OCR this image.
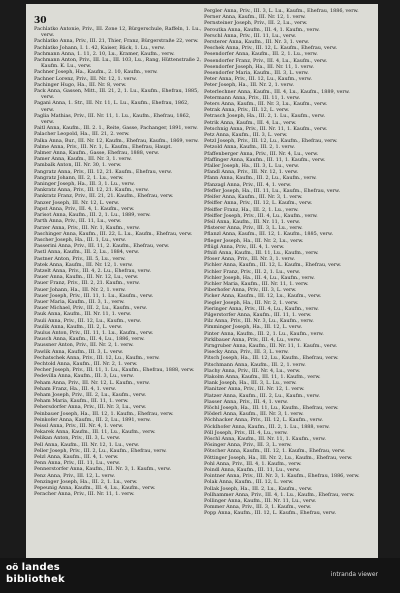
30

Pachlatko Antonie, Priv., III. Zone 12, Bürgerschule, Raffeln, 1. Lu., verw.

Pachlatko Anna, Priv., III. 21, Thier, Franz, Bürgerstraße 22, verw.

Pachlatko Johann, I. 1. 42, Kaiser, Bäck, 1. Lu., verw.

Pachmann Anna, 1. 11, 2. 10, Lu., Kramer, Kaufm., verw.

Pachmann Anton, Priv., III. Lu., III. 103, Lu., Rang, Hüttenstraße 2, Kaufm. K. Lu., verw.

Pachner Joseph, Ha., Kaufm., 2. 10, Kaufm., verw.

Pachner Lorenz, Priv., III. Nr. 12, 1. verw.

Pachinger Hugo, Ha., III. Nr. 8, verw.

Pack Anna, Gassen, Mitt., III. 21, 2, 1. Lu., Kaufm., Ehefrau, 1885, verw.

Pagani Anna, 1. Str., III. Nr. 11, L. Lu., Kaufm., Ehefrau, 1862, verw.

Paglia Mathias, Priv., III. Nr. 11, 1. Lu., Kaufm., Ehefrau, 1862, verw.

Paitl Anna, Kaufm., III. 2. 1., Reite, Gasse, Pachanger, 1891, verw.

Palacher Leopold, Ha., III. 21, 2. verw.

Palka Anna, Bur., III. Nr. 12, Kaufm., Ehefrau, Kaufm., 1869, verw.

Palme Anna, Priv., III. Nr. 1, L. Kaufm., Ehefrau, Haupt.

Palmer Anna, Kaufm., Gasse, Ehefrau, 1888, verw.

Pamer Anna, Kaufm., III. Nr. 3, 1. verw.

Pambalk Anton, III. Nr. 30, 1. verw.

Pangratz Anna, Priv., III. 12, 21. Kaufm., Ehefrau, verw.

Pangratz Johann, III. 2, 1. Lu., verw.

Paninger Joseph, Ha., III. 3, 1. Lu., verw.

Pankratz Anna, Priv., III. 12, 21. Kaufm., verw.

Pankratz Franz, Priv., III. 21, 21. Kaufm., Ehefrau, verw.

Panzer Joseph, III. Nr. 12, L. verw.

Papst Anna, Priv., III. 4, 1. Kaufm., verw.

Parisot Anna, Kaufm., III. 2, 1. Lu., 1889, verw.

Parth Anna, Priv., III. 11, Lu., verw.

Parzer Anna, Priv., III. Nr. 1, Kaufm., verw.

Paschinger Anna, Kaufm., III. 22, L. Lu., Kaufm., Ehefrau, verw.

Pascher Joseph, Ha., III. 1, Lu., verw.

Passerini Anna, Priv., III. 11, 2. Kaufm., Ehefrau, verw.

Pastl Anna, Kaufm., III. 2, Lu., 1884, verw.

Pastner Anton, Priv., III. 5, Lu., verw.

Patek Anna, Kaufm., III. Nr. 12, 1. verw.

Patzelt Anna, Priv., III. 4, 2. Lu., Ehefrau, verw.

Pauer Anna, Kaufm., III. Nr. 12, Lu., verw.

Pauer Franz, Priv., III. 2, 21. Kaufm., verw.

Pauer Johann, Ha., III. Nr. 2, 1. verw.

Pauer Joseph, Priv., III. 11, 1. Lu., Kaufm., verw.

Pauer Maria, Kaufm., III. 3, 1., verw.

Pauer Michael, Priv., III. 2, Lu., Kaufm., verw.

Pauk Anna, Kaufm., III. Nr. 11, 1. verw.

Pauli Anna, Priv., III. 12, Lu., Kaufm., verw.

Paulik Anna, Kaufm., III. 2, L. verw.

Paulus Anton, Priv., III. 11, 1. Lu., Kaufm., verw.

Pausch Anna, Kaufm., III. 4, Lu., 1886, verw.

Paussner Anton, Priv., III. Nr. 2, 1. verw.

Pawlik Anna, Kaufm., III. 3, L. verw.

Pechatschek Anna, Priv., III. 12, Lu., Kaufm., verw.

Pechtold Anna, Kaufm., III. Nr. 2, 1. verw.

Pecher Joseph, Priv., III. 11, 1. Lu., Kaufm., Ehefrau, 1888, verw.

Pedevilla Anna, Kaufm., III. 3, Lu., verw.

Peham Anna, Priv., III. Nr. 12, L. Kaufm., verw.

Peham Franz, Ha., III. 4, 1. verw.

Peham Joseph, Priv., III. 2, Lu., Kaufm., verw.

Peham Maria, Kaufm., III. 11, 1. verw.

Pehersdorfer Anna, Priv., III. Nr. 3, Lu., verw.

Peinbauer Joseph, Ha., III. 12, 1. Kaufm., Ehefrau, verw.

Peinkofer Anna, Kaufm., III. 2, Lu., 1891, verw.

Peissl Anna, Priv., III. Nr. 4, 1. verw.

Pekarek Anna, Kaufm., III. 11, Lu., Kaufm., verw.

Pelikan Anton, Priv., III. 3, L. verw.

Pell Anna, Kaufm., III. Nr. 12, 1. Lu., verw.

Peller Joseph, Priv., III. 2, Lu., Kaufm., Ehefrau, verw.

Pelzl Anna, Kaufm., III. 4, 1. verw.

Penn Anna, Priv., III. 11, Lu., verw.

Pennerstorfer Anna, Kaufm., III. Nr. 3, 1. Kaufm., verw.

Penz Anna, Priv., III. 12, L. verw.

Penzinger Joseph, Ha., III. 2, 1. Lu., verw.

Pepeunig Anna, Kaufm., III. 4, Lu., Kaufm., verw.

Peracher Anna, Priv., III. Nr. 11, 1. verw.

Pergler Anna, Priv., III. 3, L. Lu., Kaufm., Ehefrau, 1886, verw.

Perner Anna, Kaufm., III. Nr. 12, 1. verw.

Pernsteiner Joseph, Priv., III. 2, Lu., verw.

Peroutka Anna, Kaufm., III. 4, 1. Kaufm., verw.

Perschl Anna, Priv., III. 11, Lu., verw.

Persterer Anna, Kaufm., III. Nr. 3, 1. verw.

Peschek Anna, Priv., III. 12, L. Kaufm., Ehefrau, verw.

Pesendorfer Anna, Kaufm., III. 2, 1. Lu., verw.

Pesendorfer Franz, Priv., III. 4, Lu., Kaufm., verw.

Pesendorfer Joseph, Ha., III. Nr. 11, 1. verw.

Pesendorfer Maria, Kaufm., III. 3, L. verw.

Peter Anna, Priv., III. 12, Lu., Kaufm., verw.

Peter Joseph, Ha., III. Nr. 2, 1. verw.

Peterlechner Anna, Kaufm., III. 4, Lu., Kaufm., 1889, verw.

Petermann Anna, Priv., III. 11, 1. verw.

Peters Anna, Kaufm., III. Nr. 3, Lu., Kaufm., verw.

Petrak Anna, Priv., III. 12, L. verw.

Petrasch Joseph, Ha., III. 2, 1. Lu., Kaufm., verw.

Petrik Anna, Kaufm., III. 4, Lu., verw.

Petschnig Anna, Priv., III. Nr. 11, 1. Kaufm., verw.

Petz Anna, Kaufm., III. 3, L. verw.

Petzl Joseph, Priv., III. 12, Lu., Kaufm., Ehefrau, verw.

Petzold Anna, Kaufm., III. 2, 1. verw.

Pfaffenberger Anna, Priv., III. Nr. 4, Lu., verw.

Pfaffinger Anna, Kaufm., III. 11, 1. Kaufm., verw.

Pfaller Joseph, Ha., III. 3, L. Lu., verw.

Pfandl Anna, Priv., III. Nr. 12, 1. verw.

Pfann Anna, Kaufm., III. 2, Lu., Kaufm., verw.

Pfanzagl Anna, Priv., III. 4, 1. verw.

Pfeffer Joseph, Ha., III. 11, Lu., Kaufm., Ehefrau, verw.

Pfeifer Anna, Kaufm., III. Nr. 3, 1. verw.

Pfeiffer Anna, Priv., III. 12, L. Kaufm., verw.

Pfeiffer Franz, Ha., III. 2, 1. Lu., verw.

Pfeiffer Joseph, Priv., III. 4, Lu., Kaufm., verw.

Pfeil Anna, Kaufm., III. Nr. 11, 1. verw.

Pfisterer Anna, Priv., III. 3, L. Lu., verw.

Pflanzl Anna, Kaufm., III. 12, 1. Kaufm., 1885, verw.

Pfleger Joseph, Ha., III. Nr. 2, Lu., verw.

Pflügl Anna, Priv., III. 4, 1. verw.

Pfniß Anna, Kaufm., III. 11, Lu., Kaufm., verw.

Pfoser Anna, Priv., III. Nr. 3, 1. verw.

Pichler Anna, Kaufm., III. 12, L. Kaufm., Ehefrau, verw.

Pichler Franz, Priv., III. 2, 1. Lu., verw.

Pichler Joseph, Ha., III. 4, Lu., Kaufm., verw.

Pichler Maria, Kaufm., III. Nr. 11, 1. verw.

Piberhofer Anna, Priv., III. 3, L. verw.

Picker Anna, Kaufm., III. 12, Lu., Kaufm., verw.

Piegler Joseph, Ha., III. Nr. 2, 1. verw.

Pieringer Anna, Priv., III. 4, Lu., Kaufm., verw.

Pilgerstorfer Anna, Kaufm., III. 11, 1. verw.

Pilz Anna, Priv., III. Nr. 3, Lu., Kaufm., verw.

Pimminger Joseph, Ha., III. 12, L. verw.

Pinter Anna, Kaufm., III. 2, 1. Lu., Kaufm., verw.

Pirklbauer Anna, Priv., III. 4, Lu., verw.

Pirngruber Anna, Kaufm., III. Nr. 11, 1. Kaufm., verw.

Pisecky Anna, Priv., III. 3, L. verw.

Pitsch Joseph, Ha., III. 12, Lu., Kaufm., Ehefrau, verw.

Pitschmann Anna, Kaufm., III. 2, 1. verw.

Plachy Anna, Priv., III. Nr. 4, Lu., verw.

Plakolm Anna, Kaufm., III. 11, 1. Kaufm., verw.

Plank Joseph, Ha., III. 3, L. Lu., verw.

Planitzer Anna, Priv., III. Nr. 12, 1. verw.

Platzer Anna, Kaufm., III. 2, Lu., Kaufm., verw.

Plasser Anna, Priv., III. 4, 1. verw.

Plöchl Joseph, Ha., III. 11, Lu., Kaufm., Ehefrau, verw.

Plöderl Anna, Kaufm., III. Nr. 3, 1. verw.

Pöchhacker Anna, Priv., III. 12, L. Kaufm., verw.

Pöcklhofer Anna, Kaufm., III. 2, 1. Lu., 1888, verw.

Pöll Joseph, Priv., III. 4, Lu., verw.

Pöschl Anna, Kaufm., III. Nr. 11, 1. Kaufm., verw.

Pösinger Anna, Priv., III. 3, L. verw.

Pötscher Anna, Kaufm., III. 12, 1. Kaufm., Ehefrau, verw.

Pöttinger Joseph, Ha., III. Nr. 2, Lu., Kaufm., Ehefrau, verw.

Pohl Anna, Priv., III. 4, 1. Kaufm., verw.

Poindl Anna, Kaufm., III. 11, Lu., verw.

Pointner Anna, Priv., III. Nr. 3, 1. Kaufm., Ehefrau, 1886, verw.

Polak Anna, Kaufm., III. 12, L. verw.

Pollak Joseph, Ha., III. 2, Lu., Kaufm., verw.

Pollhammer Anna, Priv., III. 4, 1. Lu., Kaufm., Ehefrau, verw.

Pollinger Anna, Kaufm., III. Nr. 11, Lu., verw.

Pommer Anna, Priv., III. 3, 1. Kaufm., verw.

Popp Anna, Kaufm., III. 12, L. Kaufm., Ehefrau, verw.

oö landes
bibliothek	intranda viewer
